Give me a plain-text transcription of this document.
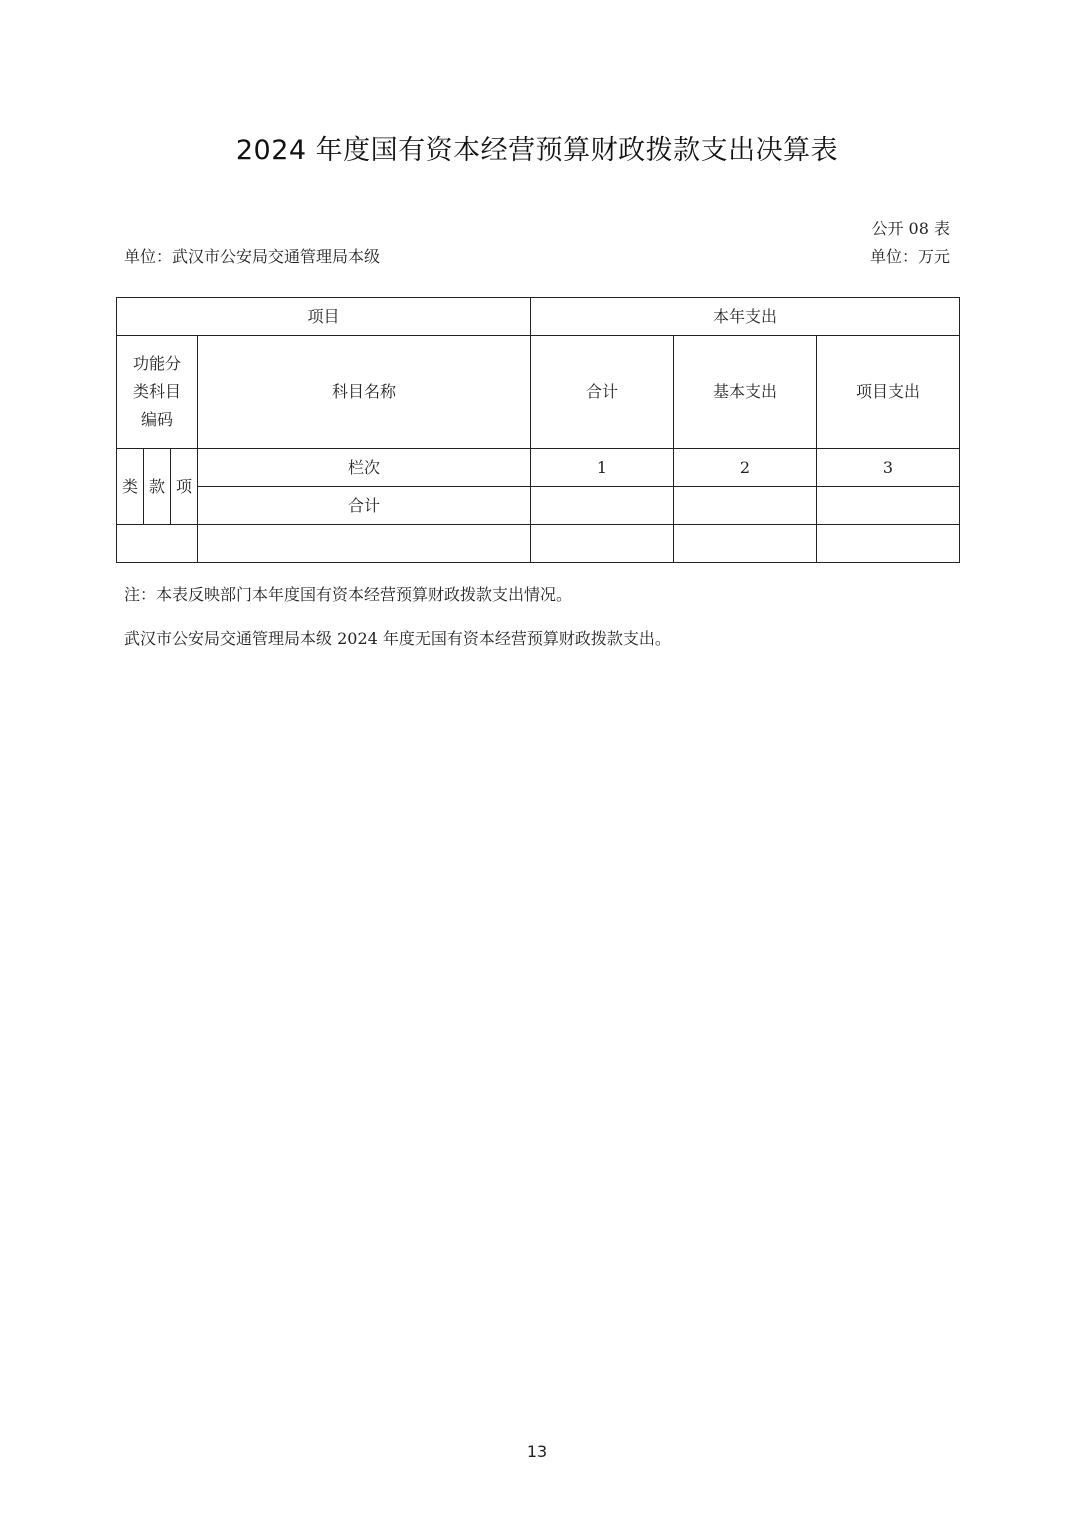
2024 年度国有资本经营预算财政拨款支出决算表
公开 08 表
单位：武汉市公安局交通管理局本级	单位：万元
项目				本年支出		

功能分
类科目
编码			科目名称	合计	基本支出	项目支出
类	款	项	栏次	1	2	3
			合计			

注：本表反映部门本年度国有资本经营预算财政拨款支出情况。
武汉市公安局交通管理局本级 2024 年度无国有资本经营预算财政拨款支出。
13
